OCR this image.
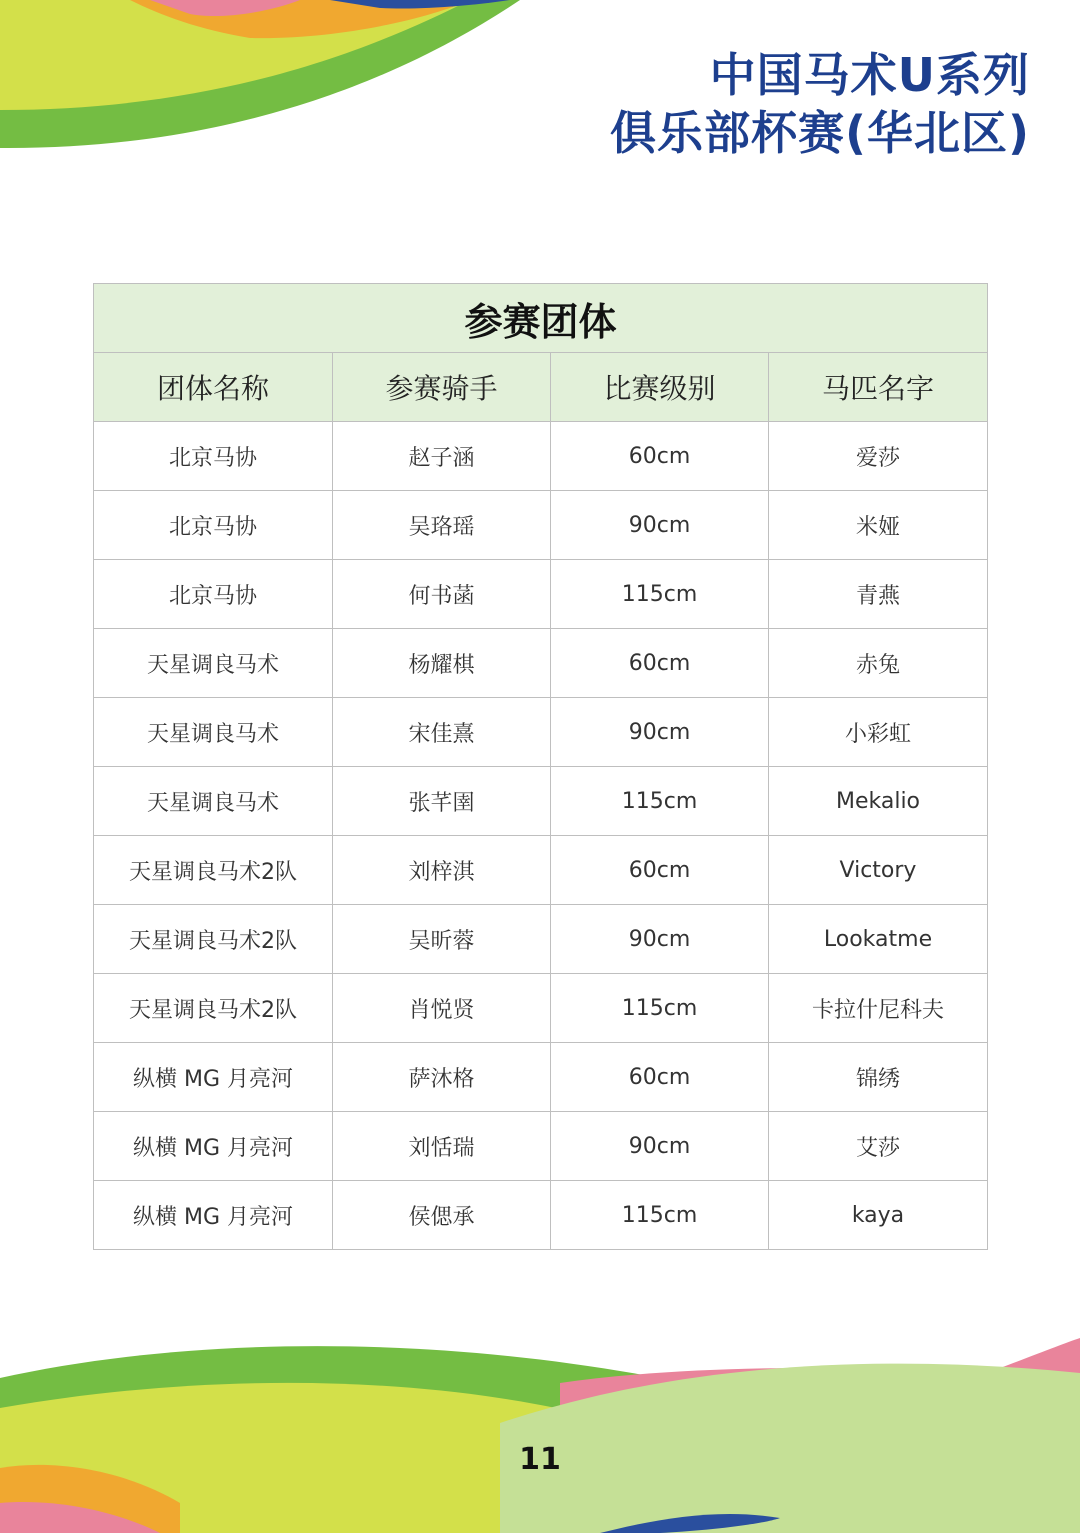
中国马术U系列
俱乐部杯赛(华北区)
参赛团体			
团体名称	参赛骑手	比赛级别	马匹名字
北京马协	赵子涵	60cm	爱莎
北京马协	吴珞瑶	90cm	米娅
北京马协	何书菡	115cm	青燕
天星调良马术	杨耀棋	60cm	赤兔
天星调良马术	宋佳熹	90cm	小彩虹
天星调良马术	张芊圉	115cm	Mekalio
天星调良马术2队	刘梓淇	60cm	Victory
天星调良马术2队	吴昕蓉	90cm	Lookatme
天星调良马术2队	肖悦贤	115cm	卡拉什尼科夫
纵横 MG 月亮河	萨沐格	60cm	锦绣
纵横 MG 月亮河	刘恬瑞	90cm	艾莎
纵横 MG 月亮河	侯偲承	115cm	kaya
11
